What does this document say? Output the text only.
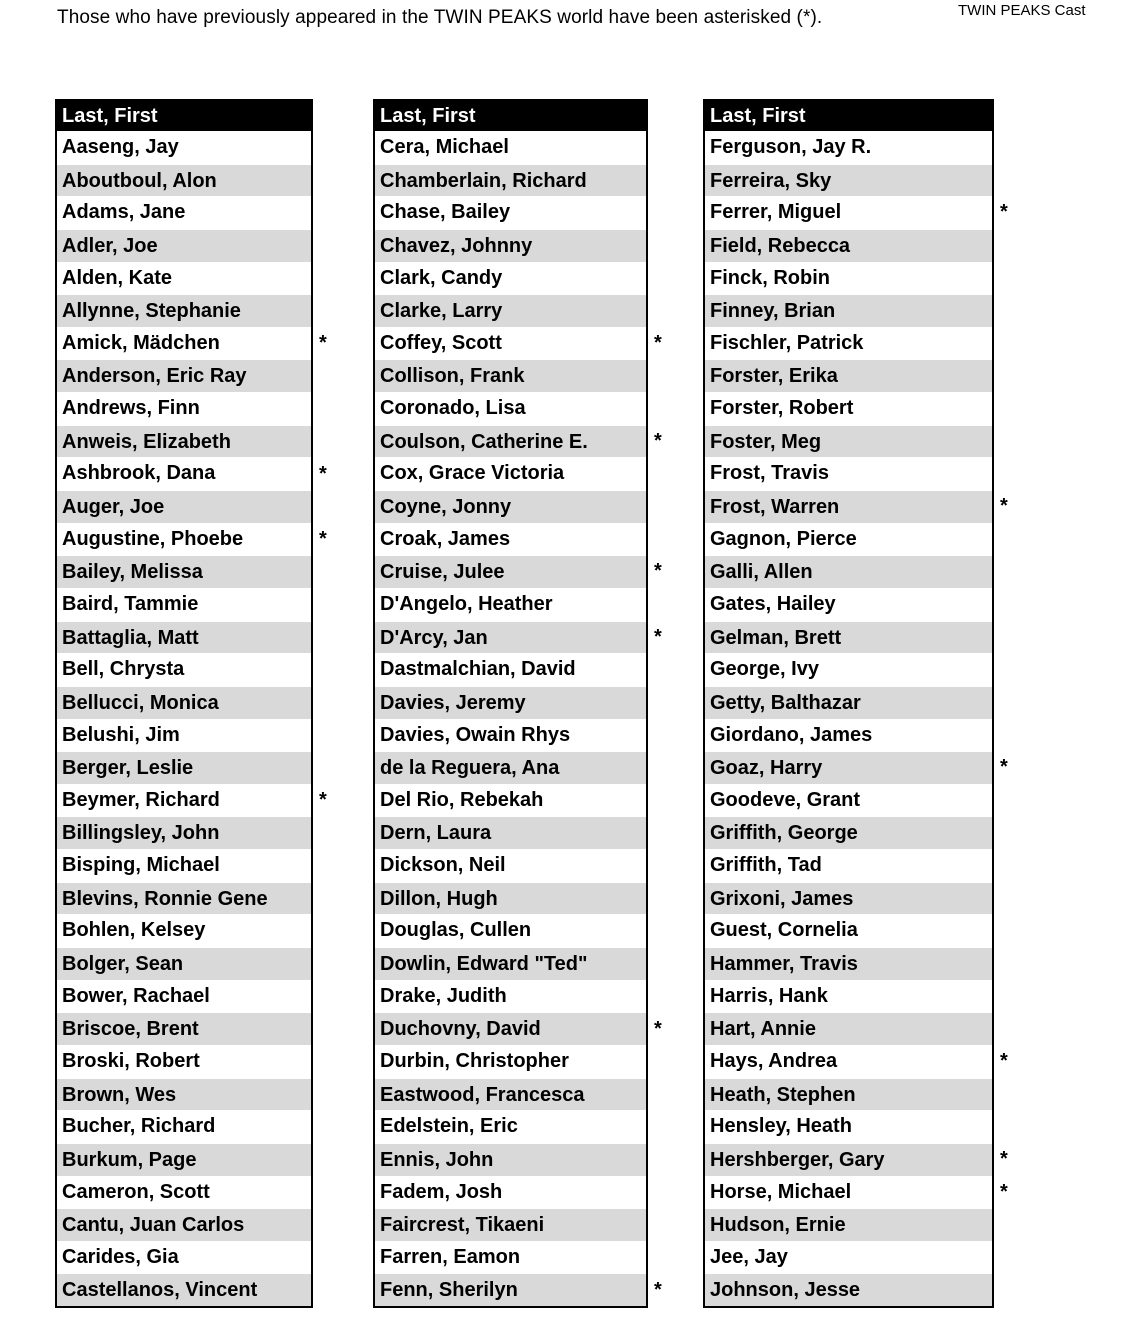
Those who have previously appeared in the TWIN PEAKS world have been asterisked (*).	TWIN PEAKS Cast
Last, First
Aaseng, Jay
Aboutboul, Alon
Adams, Jane
Adler, Joe
Alden, Kate
Allynne, Stephanie
Amick, Mädchen
Anderson, Eric Ray
Andrews, Finn
Anweis, Elizabeth
Ashbrook, Dana
Auger, Joe
Augustine, Phoebe
Bailey, Melissa
Baird, Tammie
Battaglia, Matt
Bell, Chrysta
Bellucci, Monica
Belushi, Jim
Berger, Leslie
Beymer, Richard
Billingsley, John
Bisping, Michael
Blevins, Ronnie Gene
Bohlen, Kelsey
Bolger, Sean
Bower, Rachael
Briscoe, Brent
Broski, Robert
Brown, Wes
Bucher, Richard
Burkum, Page
Cameron, Scott
Cantu, Juan Carlos
Carides, Gia
Castellanos, Vincent
*
*
*
*
Last, First
Cera, Michael
Chamberlain, Richard
Chase, Bailey
Chavez, Johnny
Clark, Candy
Clarke, Larry
Coffey, Scott
Collison, Frank
Coronado, Lisa
Coulson, Catherine E.
Cox, Grace Victoria
Coyne, Jonny
Croak, James
Cruise, Julee
D'Angelo, Heather
D'Arcy, Jan
Dastmalchian, David
Davies, Jeremy
Davies, Owain Rhys
de la Reguera, Ana
Del Rio, Rebekah
Dern, Laura
Dickson, Neil
Dillon, Hugh
Douglas, Cullen
Dowlin, Edward "Ted"
Drake, Judith
Duchovny, David
Durbin, Christopher
Eastwood, Francesca
Edelstein, Eric
Ennis, John
Fadem, Josh
Faircrest, Tikaeni
Farren, Eamon
Fenn, Sherilyn
*
*
*
*
*
*
Last, First
Ferguson, Jay R.
Ferreira, Sky
Ferrer, Miguel
Field, Rebecca
Finck, Robin
Finney, Brian
Fischler, Patrick
Forster, Erika
Forster, Robert
Foster, Meg
Frost, Travis
Frost, Warren
Gagnon, Pierce
Galli, Allen
Gates, Hailey
Gelman, Brett
George, Ivy
Getty, Balthazar
Giordano, James
Goaz, Harry
Goodeve, Grant
Griffith, George
Griffith, Tad
Grixoni, James
Guest, Cornelia
Hammer, Travis
Harris, Hank
Hart, Annie
Hays, Andrea
Heath, Stephen
Hensley, Heath
Hershberger, Gary
Horse, Michael
Hudson, Ernie
Jee, Jay
Johnson, Jesse
*
*
*
*
*
*
